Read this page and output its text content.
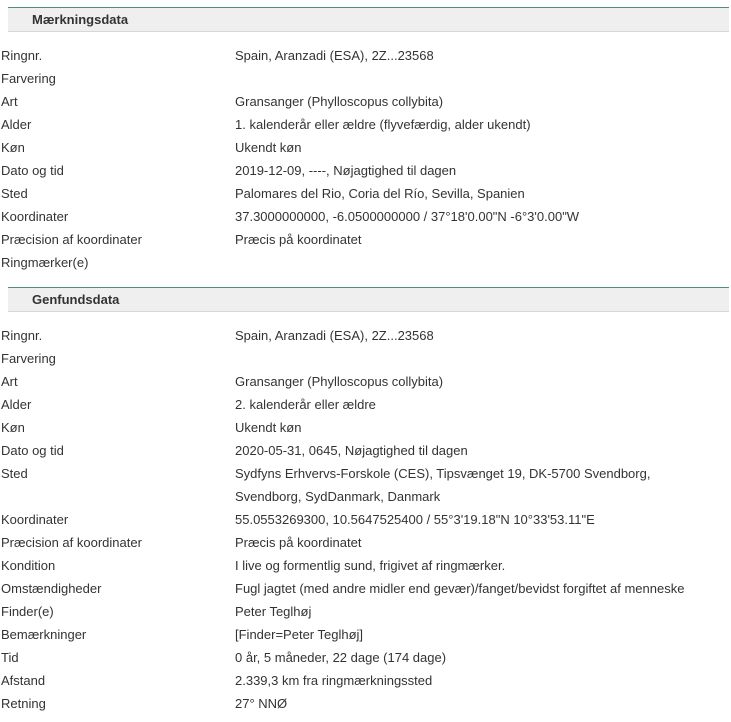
Mærkningsdata
Ringnr.	Spain, Aranzadi (ESA), 2Z...23568
Farvering
Art	Gransanger (Phylloscopus collybita)
Alder	1. kalenderår eller ældre (flyvefærdig, alder ukendt)
Køn	Ukendt køn
Dato og tid	2019-12-09, ----, Nøjagtighed til dagen
Sted	Palomares del Rio, Coria del Río, Sevilla, Spanien
Koordinater	37.3000000000, -6.0500000000 / 37°18'0.00"N -6°3'0.00"W
Præcision af koordinater	Præcis på koordinatet
Ringmærker(e)
Genfundsdata
Ringnr.	Spain, Aranzadi (ESA), 2Z...23568
Farvering
Art	Gransanger (Phylloscopus collybita)
Alder	2. kalenderår eller ældre
Køn	Ukendt køn
Dato og tid	2020-05-31, 0645, Nøjagtighed til dagen
Sted	Sydfyns Erhvervs-Forskole (CES), Tipsvænget 19, DK-5700 Svendborg, Svendborg, SydDanmark, Danmark
Koordinater	55.0553269300, 10.5647525400 / 55°3'19.18"N 10°33'53.11"E
Præcision af koordinater	Præcis på koordinatet
Kondition	I live og formentlig sund, frigivet af ringmærker.
Omstændigheder	Fugl jagtet (med andre midler end gevær)/fanget/bevidst forgiftet af menneske
Finder(e)	Peter Teglhøj
Bemærkninger	[Finder=Peter Teglhøj]
Tid	0 år, 5 måneder, 22 dage (174 dage)
Afstand	2.339,3 km fra ringmærkningssted
Retning	27° NNØ
